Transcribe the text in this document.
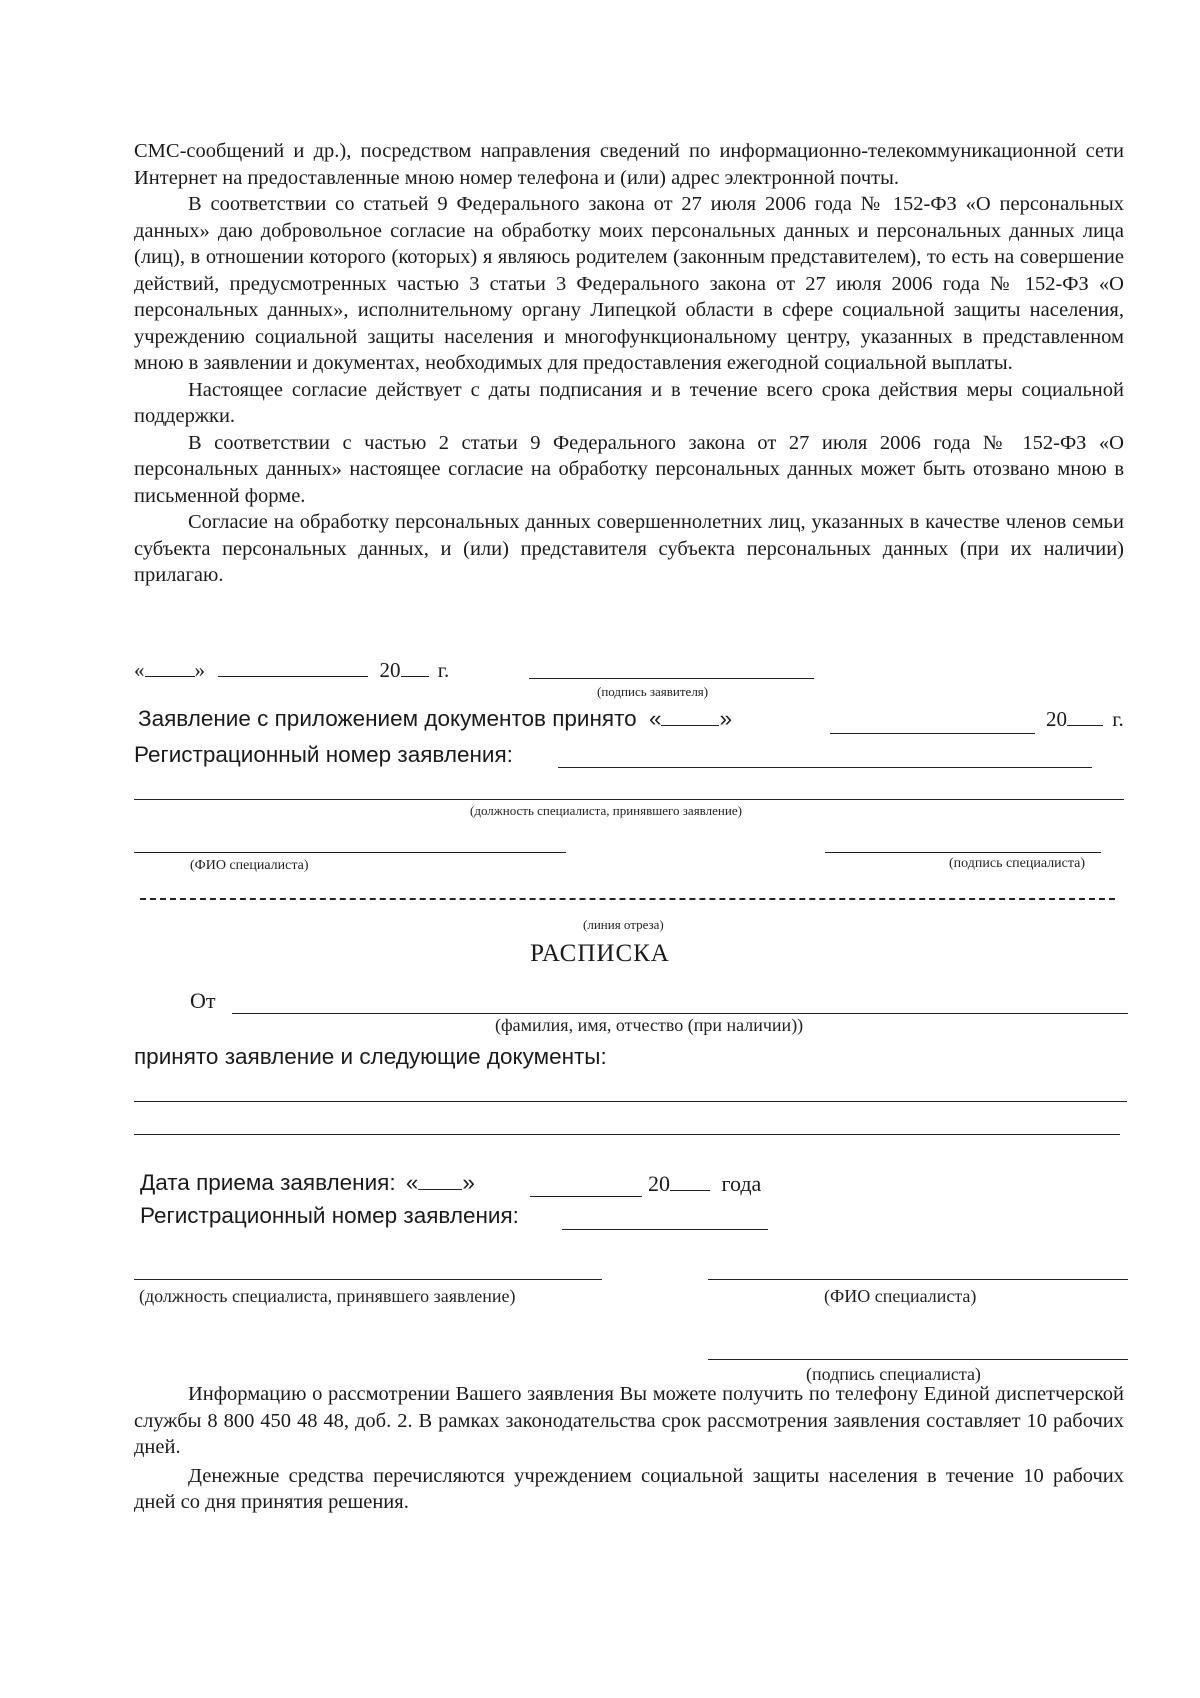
СМС-сообщений и др.), посредством направления сведений по информационно-телекоммуникационной сети Интернет на предоставленные мною номер телефона и (или) адрес электронной почты.

В соответствии со статьей 9 Федерального закона от 27 июля 2006 года № 152-ФЗ «О персональных данных» даю добровольное согласие на обработку моих персональных данных и персональных данных лица (лиц), в отношении которого (которых) я являюсь родителем (законным представителем), то есть на совершение действий, предусмотренных частью 3 статьи 3 Федерального закона от 27 июля 2006 года № 152-ФЗ «О персональных данных», исполнительному органу Липецкой области в сфере социальной защиты населения, учреждению социальной защиты населения и многофункциональному центру, указанных в представленном мною в заявлении и документах, необходимых для предоставления ежегодной социальной выплаты.

Настоящее согласие действует с даты подписания и в течение всего срока действия меры социальной поддержки.

В соответствии с частью 2 статьи 9 Федерального закона от 27 июля 2006 года № 152-ФЗ «О персональных данных» настоящее согласие на обработку персональных данных может быть отозвано мною в письменной форме.

Согласие на обработку персональных данных совершеннолетних лиц, указанных в качестве членов семьи субъекта персональных данных, и (или) представителя субъекта персональных данных (при их наличии) прилагаю.

« »	20 г.
(подпись заявителя)
Заявление с приложением документов принято «	»	20 г.
Регистрационный номер заявления:
(должность специалиста, принявшего заявление)
(ФИО специалиста)	(подпись специалиста)
(линия отреза)
РАСПИСКА
От
(фамилия, имя, отчество (при наличии))
принято заявление и следующие документы:
Дата приема заявления: « »	20 года
Регистрационный номер заявления:
(должность специалиста, принявшего заявление)	(ФИО специалиста)
(подпись специалиста)

Информацию о рассмотрении Вашего заявления Вы можете получить по телефону Единой диспетчерской службы 8 800 450 48 48, доб. 2. В рамках законодательства срок рассмотрения заявления составляет 10 рабочих дней.

Денежные средства перечисляются учреждением социальной защиты населения в течение 10 рабочих дней со дня принятия решения.
